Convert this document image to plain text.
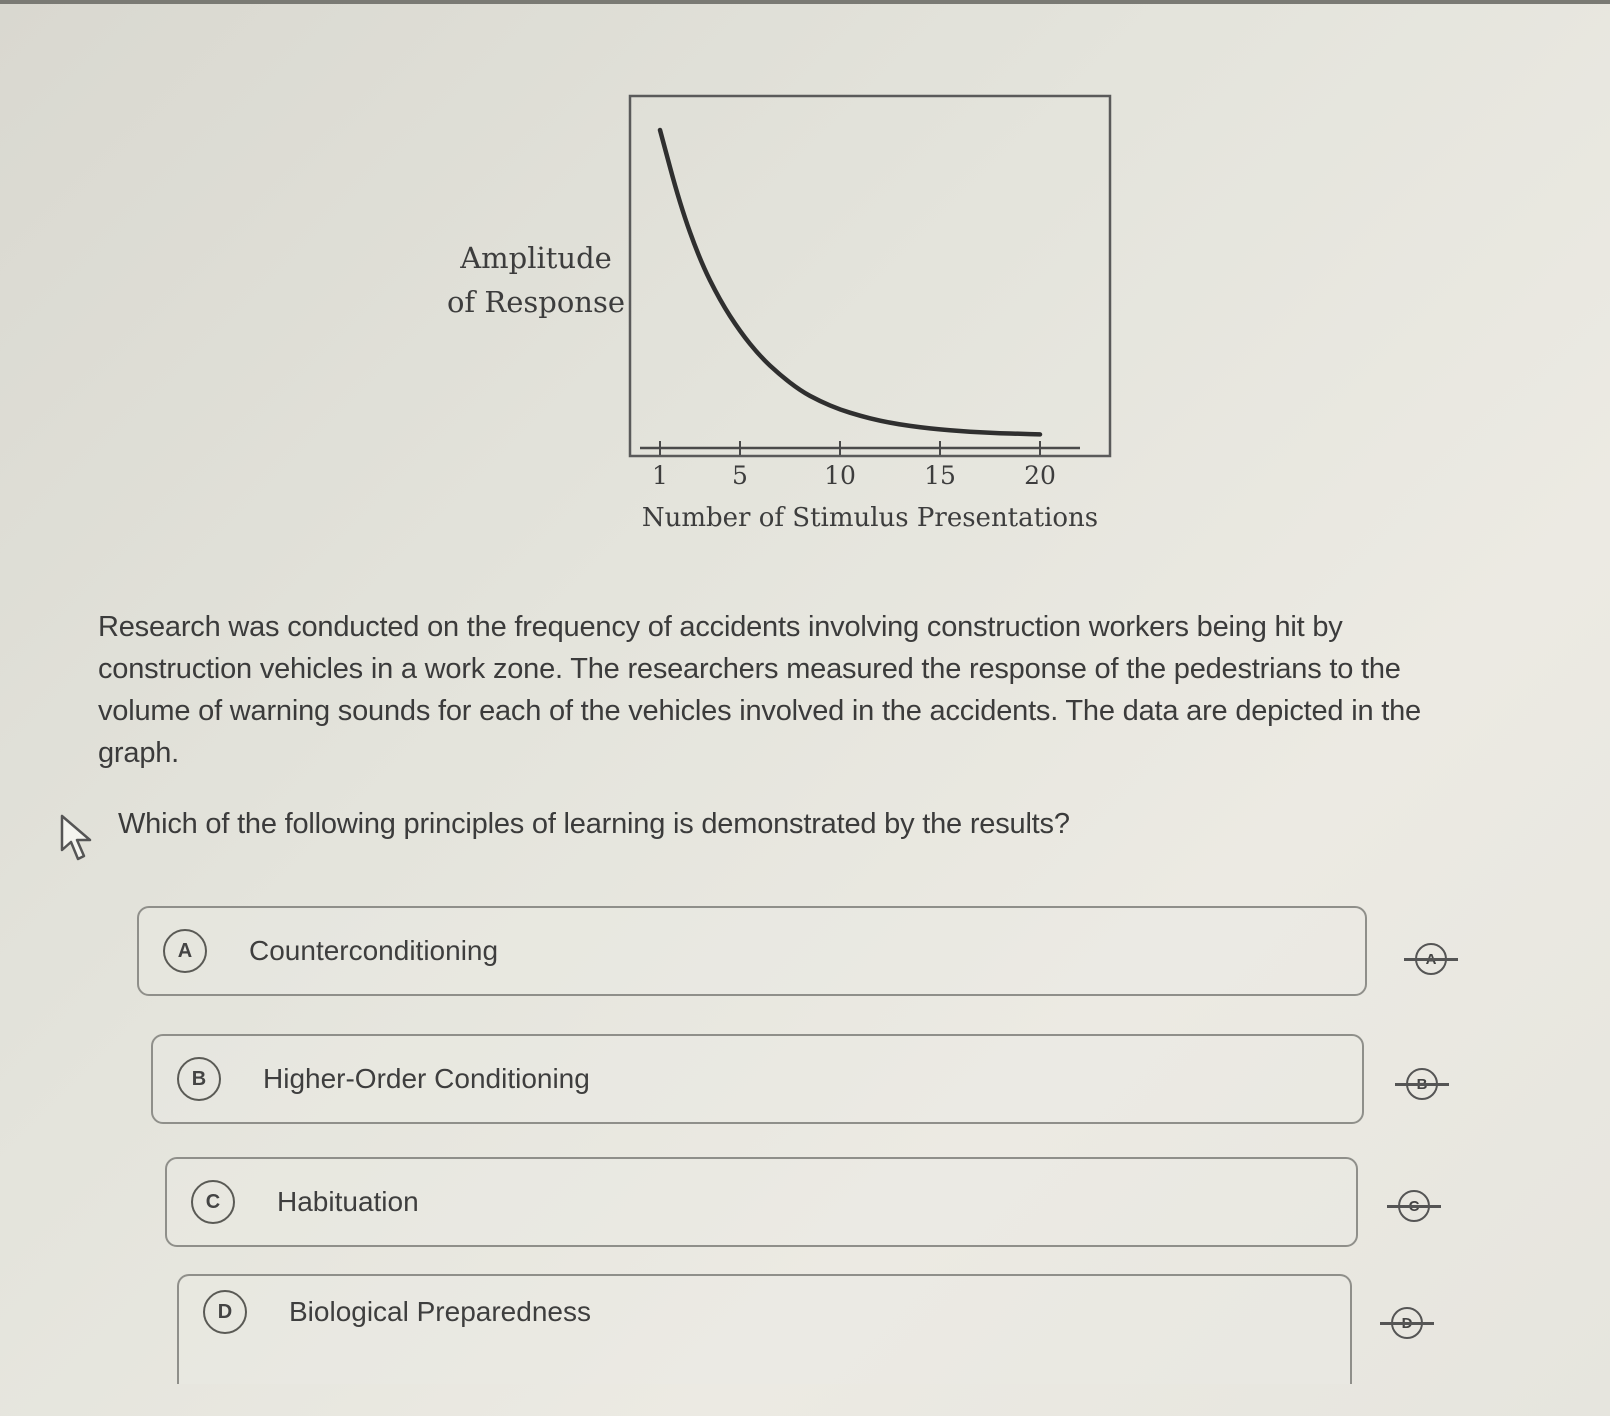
Amplitude
of Response
Number of Stimulus Presentations
1	5	10	15	20
Research was conducted on the frequency of accidents involving construction workers being hit by construction vehicles in a work zone. The researchers measured the response of the pedestrians to the volume of warning sounds for each of the vehicles involved in the accidents. The data are depicted in the graph.
Which of the following principles of learning is demonstrated by the results?
A	Counterconditioning
B	Higher-Order Conditioning
C	Habituation
D	Biological Preparedness
